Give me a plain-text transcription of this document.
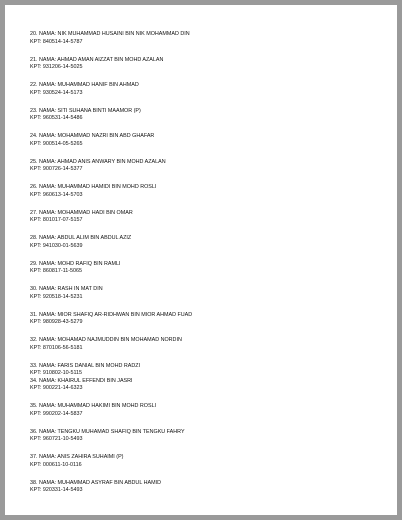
20. NAMA: NIK MUHAMMAD HUSAINI BIN NIK MOHAMMAD DIN
KPT: 840514-14-5787
21. NAMA: AHMAD AMAN AIZZAT BIN MOHD AZALAN
KPT: 931206-14-5025
22. NAMA: MUHAMMAD HANIF BIN AHMAD
KPT: 930524-14-5173
23. NAMA: SITI SUHANA BINTI MAAMOR (P)
KPT: 960531-14-5486
24. NAMA: MOHAMMAD NAZRI BIN ABD GHAFAR
KPT: 900514-05-5265
25. NAMA: AHMAD ANIS ANWARY BIN MOHD AZALAN
KPT: 900726-14-5377
26. NAMA: MUHAMMAD HAMIDI BIN MOHD ROSLI
KPT: 960613-14-5703
27. NAMA: MOHAMMAD HADI BIN OMAR
KPT: 801017-07-5157
28. NAMA: ABDUL ALIM BIN ABDUL AZIZ
KPT: 941030-01-5639
29. NAMA: MOHD RAFIQ BIN RAMLI
KPT: 860817-11-5065
30. NAMA: RASH IN MAT DIN
KPT: 920518-14-5231
31. NAMA: MIOR SHAFIQ AR-RIDHWAN BIN MIOR AHMAD FUAD
KPT: 980928-43-5279
32. NAMA: MOHAMAD NAJMUDDIN BIN MOHAMAD NORDIN
KPT: 870106-56-5181
33. NAMA: FARIS DANIAL BIN MOHD RADZI
KPT: 910802-10-5115
34. NAMA: KHAIRUL EFFENDI BIN JASRI
KPT: 900221-14-6323
35. NAMA: MUHAMMAD HAKIMI BIN MOHD ROSLI
KPT: 990202-14-5837
36. NAMA: TENGKU MUHAMAD SHAFIQ BIN TENGKU FAHRY
KPT: 960721-10-5493
37. NAMA: ANIS ZAHIRA SUHAIMI (P)
KPT: 000611-10-0116
38. NAMA: MUHAMMAD ASYRAF BIN ABDUL HAMID
KPT: 920331-14-5493
